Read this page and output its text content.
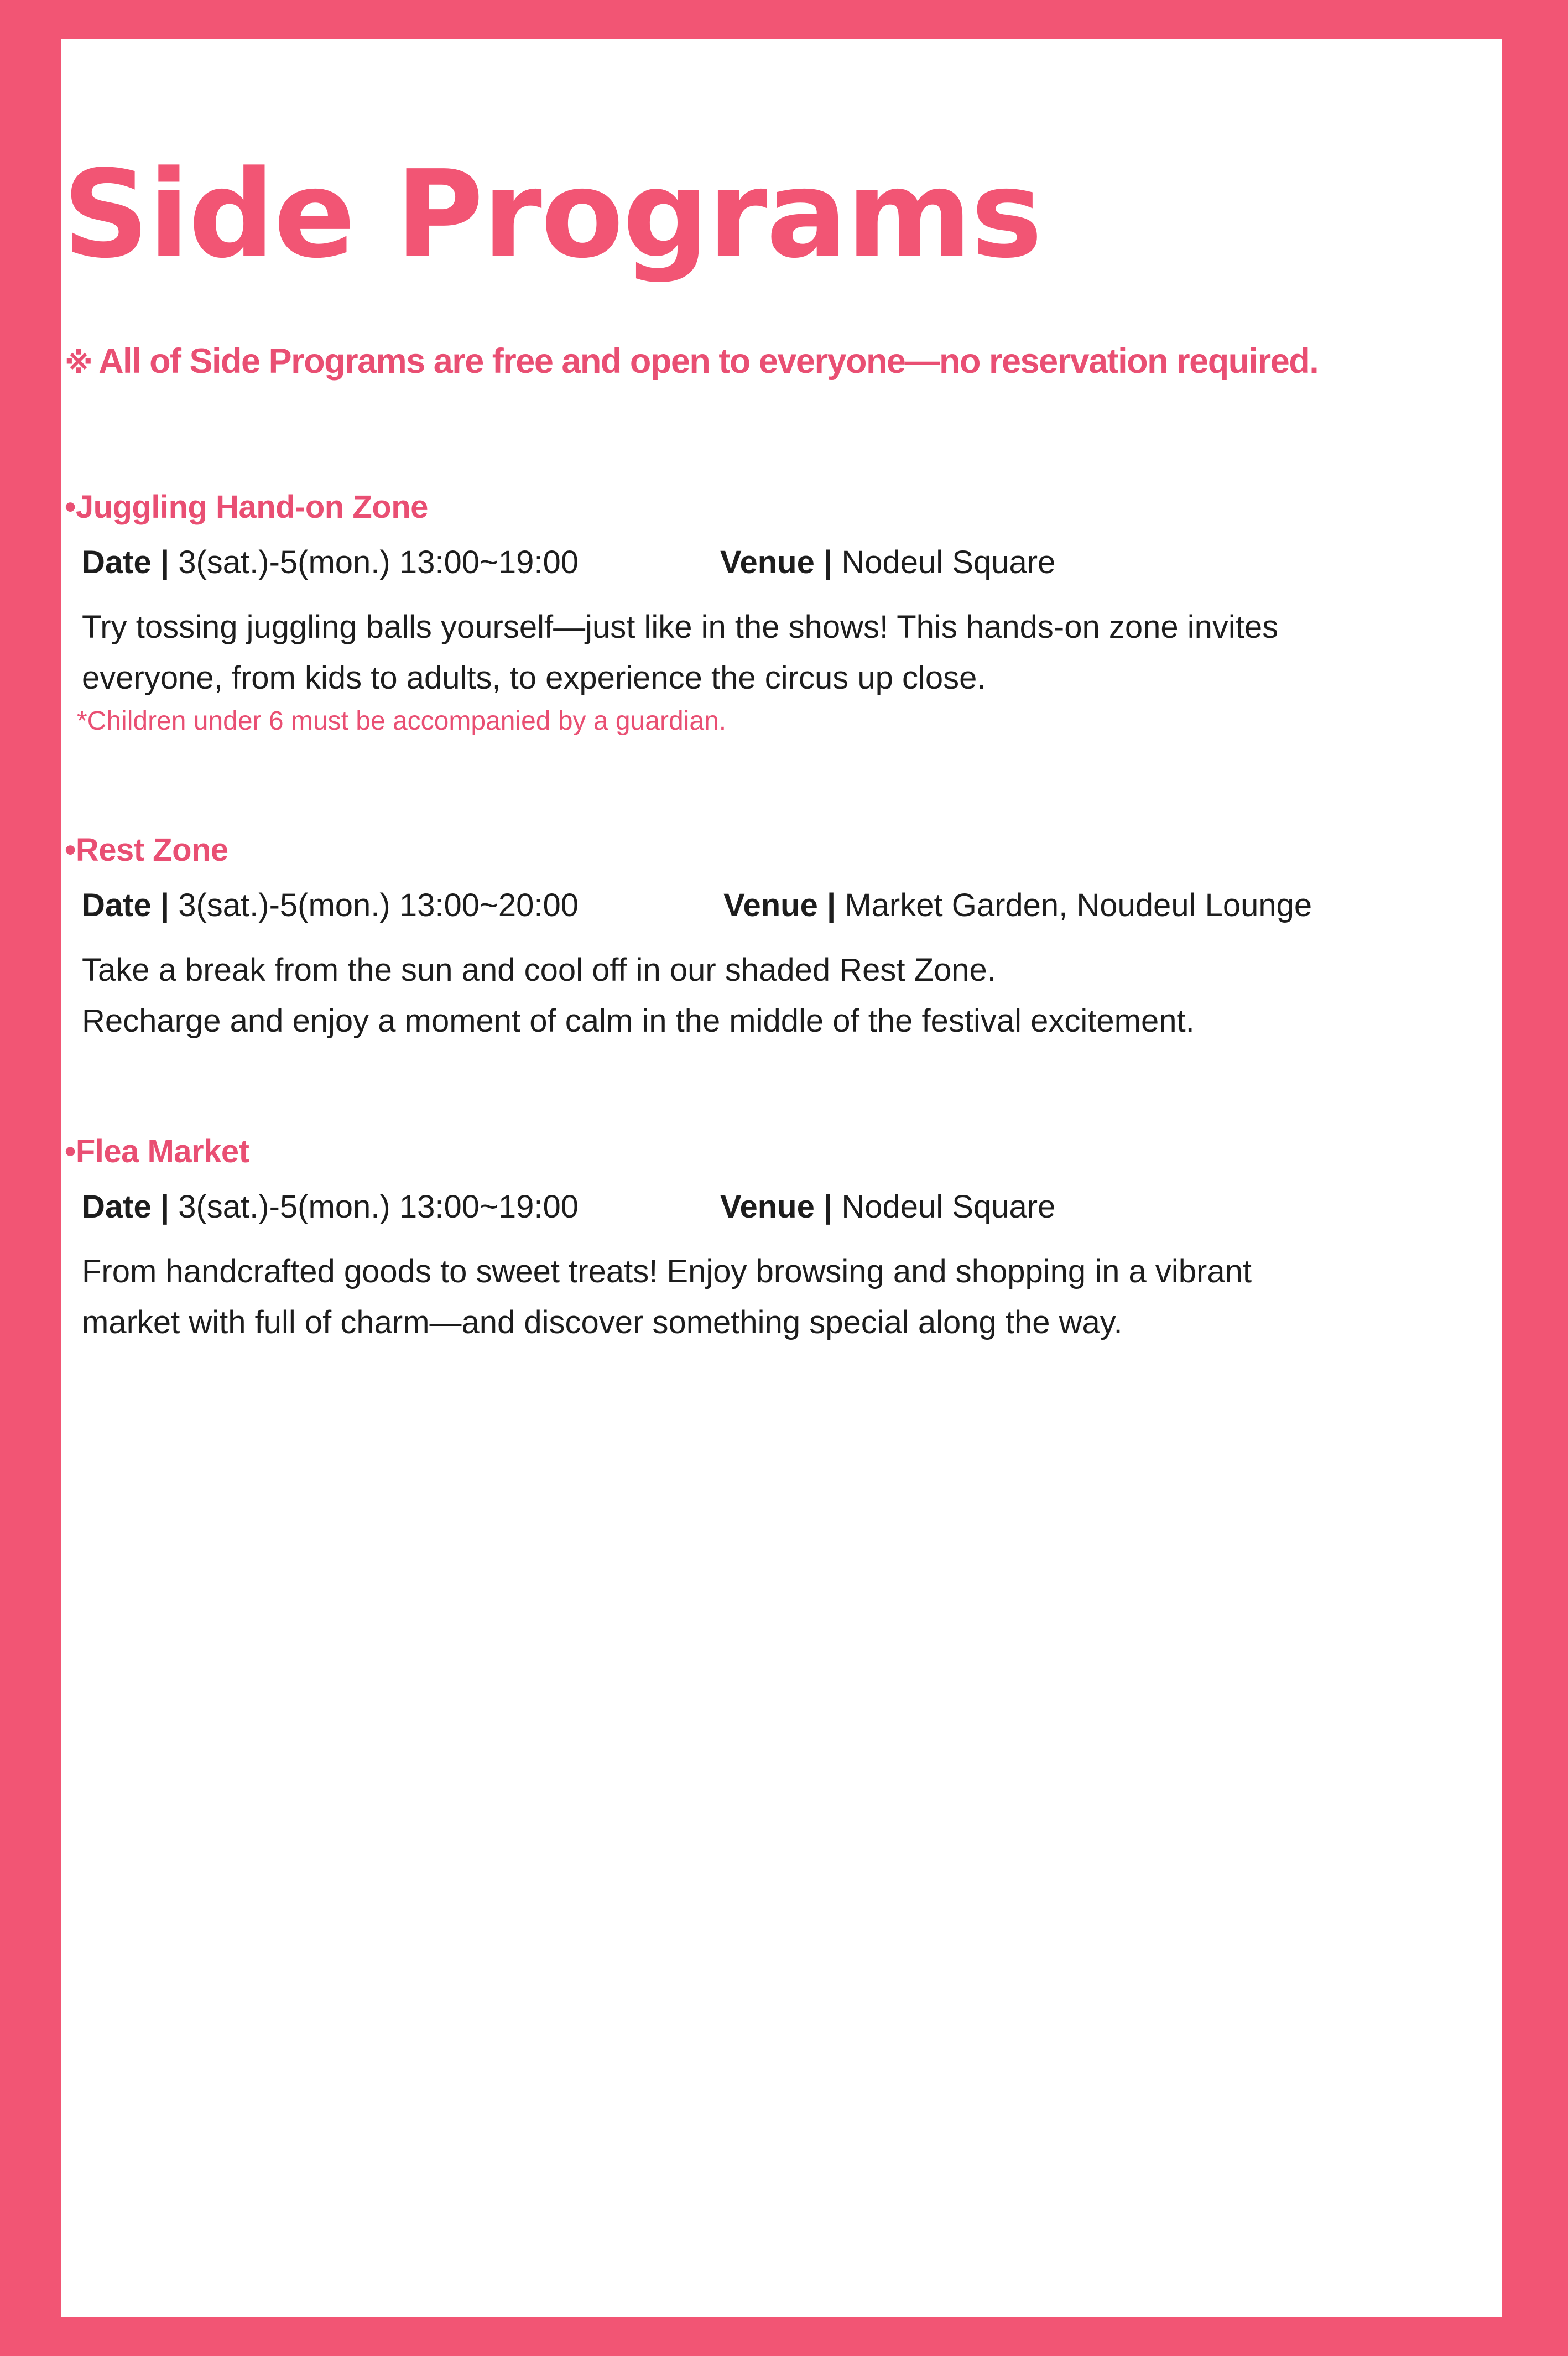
Side Programs
※ All of Side Programs are free and open to everyone—no reservation required.
•Juggling Hand-on Zone
Date | 3(sat.)-5(mon.) 13:00~19:00	Venue | Nodeul Square

Try tossing juggling balls yourself—just like in the shows! This hands-on zone invites

everyone, from kids to adults, to experience the circus up close.

*Children under 6 must be accompanied by a guardian.
•Rest Zone
Date | 3(sat.)-5(mon.) 13:00~20:00	Venue | Market Garden, Noudeul Lounge

Take a break from the sun and cool off in our shaded Rest Zone.

Recharge and enjoy a moment of calm in the middle of the festival excitement.

•Flea Market
Date | 3(sat.)-5(mon.) 13:00~19:00	Venue | Nodeul Square

From handcrafted goods to sweet treats! Enjoy browsing and shopping in a vibrant

market with full of charm—and discover something special along the way.
